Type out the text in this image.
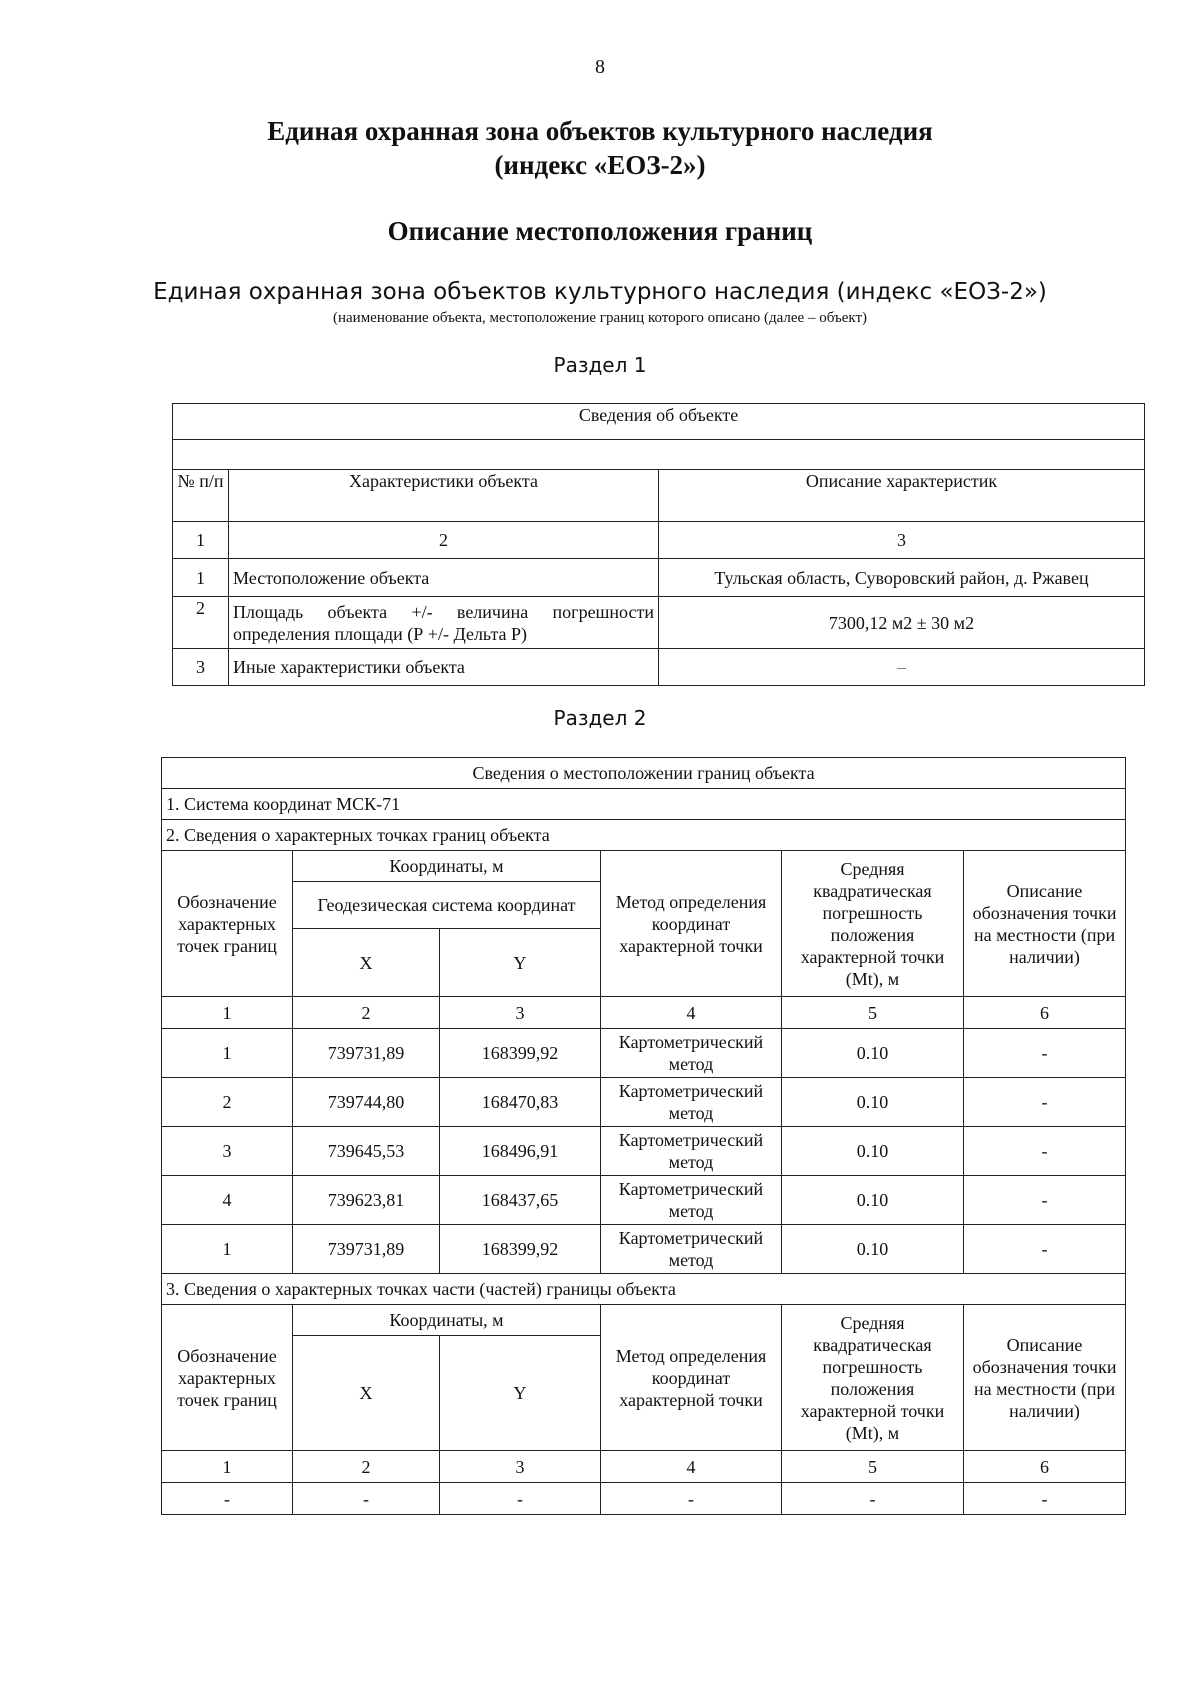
8
Единая охранная зона объектов культурного наследия
(индекс «ЕОЗ-2»)
Описание местоположения границ
Единая охранная зона объектов культурного наследия (индекс «ЕОЗ-2»)
(наименование объекта, местоположение границ которого описано (далее – объект)
Раздел 1
Сведения об объекте		

№ п/п	Характеристики объекта	Описание характеристик
1	2	3
1	Местоположение объекта	Тульская область, Суворовский район, д. Ржавец
2	Площадь объекта +/- величина погрешности определения площади (Р +/- Дельта Р)	7300,12 м2 ± 30 м2
3	Иные характеристики объекта	–
Раздел 2
Сведения о местоположении границ объекта					
1. Система координат МСК-71					
2. Сведения о характерных точках границ объекта					
Обозначение характерных точек границ	Координаты, м		Метод определения координат характерной точки	Средняя квадратическая погрешность положения характерной точки (Mt), м	Описание обозначения точки на местности (при наличии)
	Геодезическая система координат				
	X	Y			
1	2	3	4	5	6
1	739731,89	168399,92	Картометрический метод	0.10	-
2	739744,80	168470,83	Картометрический метод	0.10	-
3	739645,53	168496,91	Картометрический метод	0.10	-
4	739623,81	168437,65	Картометрический метод	0.10	-
1	739731,89	168399,92	Картометрический метод	0.10	-
3. Сведения о характерных точках части (частей) границы объекта					
Обозначение характерных точек границ	Координаты, м		Метод определения координат характерной точки	Средняя квадратическая погрешность положения характерной точки (Mt), м	Описание обозначения точки на местности (при наличии)
	X	Y			
1	2	3	4	5	6
-	-	-	-	-	-
